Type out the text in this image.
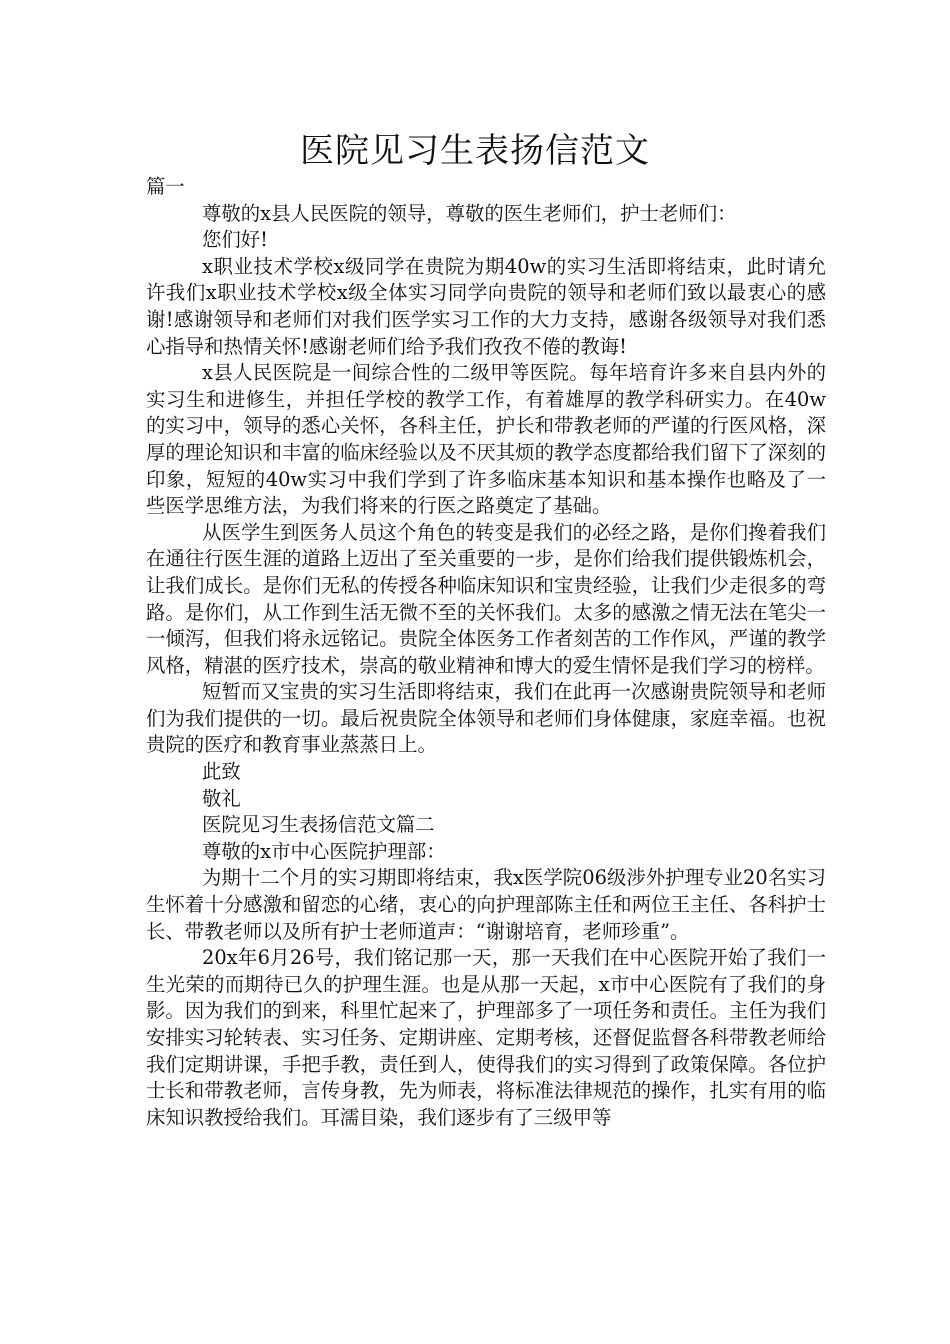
医院见习生表扬信范文

篇一

尊敬的x县人民医院的领导，尊敬的医生老师们，护士老师们：

您们好!

x职业技术学校x级同学在贵院为期40w的实习生活即将结束，此时请允许我们x职业技术学校x级全体实习同学向贵院的领导和老师们致以最衷心的感谢!感谢领导和老师们对我们医学实习工作的大力支持，感谢各级领导对我们悉心指导和热情关怀!感谢老师们给予我们孜孜不倦的教诲!

x县人民医院是一间综合性的二级甲等医院。每年培育许多来自县内外的实习生和进修生，并担任学校的教学工作，有着雄厚的教学科研实力。在40w的实习中，领导的悉心关怀，各科主任，护长和带教老师的严谨的行医风格，深厚的理论知识和丰富的临床经验以及不厌其烦的教学态度都给我们留下了深刻的印象，短短的40w实习中我们学到了许多临床基本知识和基本操作也略及了一些医学思维方法，为我们将来的行医之路奠定了基础。

从医学生到医务人员这个角色的转变是我们的必经之路，是你们搀着我们在通往行医生涯的道路上迈出了至关重要的一步，是你们给我们提供锻炼机会，让我们成长。是你们无私的传授各种临床知识和宝贵经验，让我们少走很多的弯路。是你们，从工作到生活无微不至的关怀我们。太多的感激之情无法在笔尖一一倾泻，但我们将永远铭记。贵院全体医务工作者刻苦的工作作风，严谨的教学风格，精湛的医疗技术，崇高的敬业精神和博大的爱生情怀是我们学习的榜样。

短暂而又宝贵的实习生活即将结束，我们在此再一次感谢贵院领导和老师们为我们提供的一切。最后祝贵院全体领导和老师们身体健康，家庭幸福。也祝贵院的医疗和教育事业蒸蒸日上。

此致

敬礼

医院见习生表扬信范文篇二

尊敬的x市中心医院护理部：

为期十二个月的实习期即将结束，我x医学院06级涉外护理专业20名实习生怀着十分感激和留恋的心绪，衷心的向护理部陈主任和两位王主任、各科护士长、带教老师以及所有护士老师道声：“谢谢培育，老师珍重”。

20x年6月26号，我们铭记那一天，那一天我们在中心医院开始了我们一生光荣的而期待已久的护理生涯。也是从那一天起，x市中心医院有了我们的身影。因为我们的到来，科里忙起来了，护理部多了一项任务和责任。主任为我们安排实习轮转表、实习任务、定期讲座、定期考核，还督促监督各科带教老师给我们定期讲课，手把手教，责任到人，使得我们的实习得到了政策保障。各位护士长和带教老师，言传身教，先为师表，将标准法律规范的操作，扎实有用的临床知识教授给我们。耳濡目染，我们逐步有了三级甲等
